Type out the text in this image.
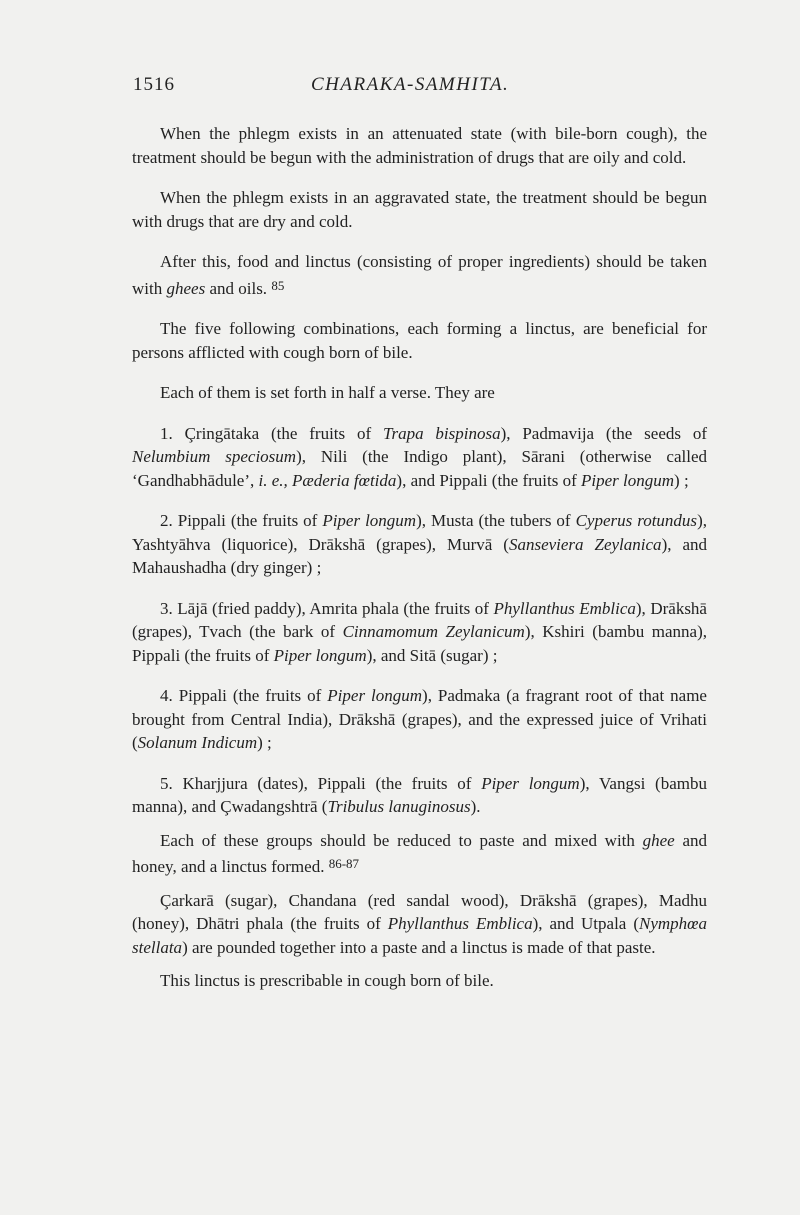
1516	CHARAKA-SAMHITA.

When the phlegm exists in an attenuated state (with bile-born cough), the treatment should be begun with the administration of drugs that are oily and cold.

When the phlegm exists in an aggravated state, the treatment should be begun with drugs that are dry and cold.

After this, food and linctus (consisting of proper ingredients) should be taken with ghees and oils. $^{85}$

The five following combinations, each forming a linctus, are beneficial for persons afflicted with cough born of bile.

Each of them is set forth in half a verse. They are

1. Çringātaka (the fruits of Trapa bispinosa), Padmavija (the seeds of Nelumbium speciosum), Nili (the Indigo plant), Sārani (otherwise called ‘Gandhabhādule’, i. e., Pæderia fœtida), and Pippali (the fruits of Piper longum) ;

2. Pippali (the fruits of Piper longum), Musta (the tubers of Cyperus rotundus), Yashtyāhva (liquorice), Drākshā (grapes), Murvā (Sanseviera Zeylanica), and Mahaushadha (dry ginger) ;

3. Lājā (fried paddy), Amrita phala (the fruits of Phyllanthus Emblica), Drākshā (grapes), Tvach (the bark of Cinnamomum Zeylanicum), Kshiri (bambu manna), Pippali (the fruits of Piper longum), and Sitā (sugar) ;

4. Pippali (the fruits of Piper longum), Padmaka (a fragrant root of that name brought from Central India), Drākshā (grapes), and the expressed juice of Vrihati (Solanum Indicum) ;

5. Kharjjura (dates), Pippali (the fruits of Piper longum), Vangsi (bambu manna), and Çwadangshtrā (Tribulus lanuginosus).

Each of these groups should be reduced to paste and mixed with ghee and honey, and a linctus formed. $^{86-87}$

Çarkarā (sugar), Chandana (red sandal wood), Drākshā (grapes), Madhu (honey), Dhātri phala (the fruits of Phyllanthus Emblica), and Utpala (Nymphœa stellata) are pounded together into a paste and a linctus is made of that paste.

This linctus is prescribable in cough born of bile.
